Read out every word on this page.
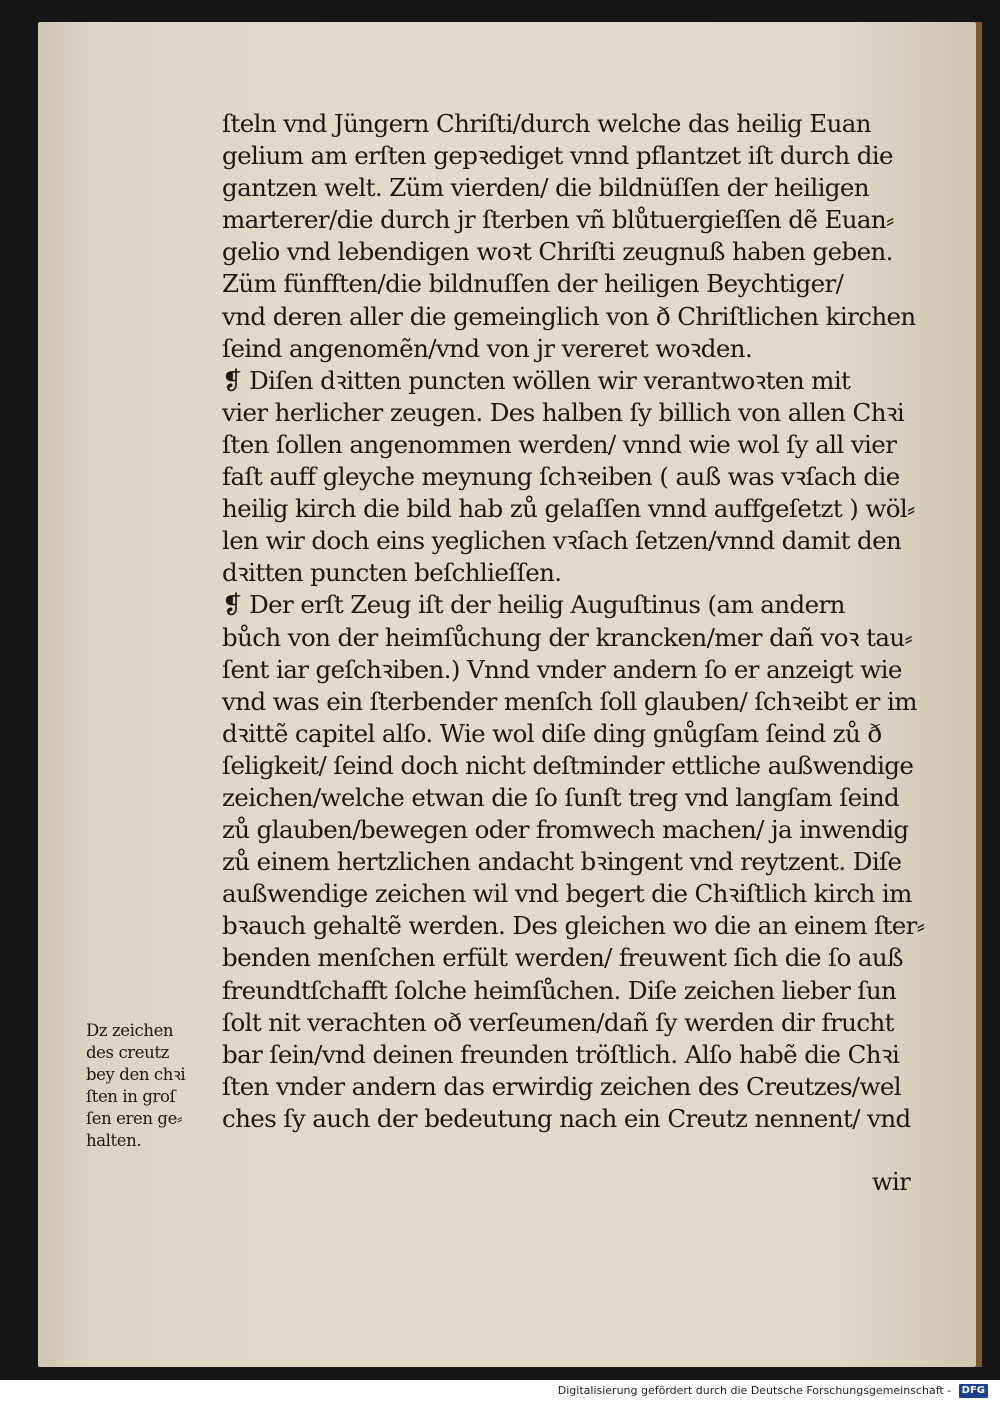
ſteln vnd Jüngern Chriſti/durch welche das heilig Euan
gelium am erſten gepꝛediget vnnd pflantzet iſt durch die
gantzen welt. Züm vierden/ die bildnüſſen der heiligen
marterer/die durch jr ſterben vñ blůtuergieſſen dẽ Euan⸗
gelio vnd lebendigen woꝛt Chriſti zeugnuß haben geben.
Züm fünfften/die bildnuſſen der heiligen Beychtiger/
vnd deren aller die gemeinglich von ð Chriſtlichen kirchen
ſeind angenomẽn/vnd von jr vereret woꝛden.
❡ Diſen dꝛitten puncten wöllen wir verantwoꝛten mit
vier herlicher zeugen. Des halben ſy billich von allen Chꝛi
ſten ſollen angenommen werden/ vnnd wie wol ſy all vier
faſt auff gleyche meynung ſchꝛeiben ( auß was vꝛſach die
heilig kirch die bild hab zů gelaſſen vnnd auffgeſetzt ) wöl⸗
len wir doch eins yeglichen vꝛſach ſetzen/vnnd damit den
dꝛitten puncten beſchlieſſen.
❡ Der erſt Zeug iſt der heilig Auguſtinus (am andern
bůch von der heimſůchung der krancken/mer dañ voꝛ tau⸗
ſent iar geſchꝛiben.) Vnnd vnder andern ſo er anzeigt wie
vnd was ein ſterbender menſch ſoll glauben/ ſchꝛeibt er im
dꝛittẽ capitel alſo. Wie wol diſe ding gnůgſam ſeind zů ð
ſeligkeit/ ſeind doch nicht deſtminder ettliche außwendige
zeichen/welche etwan die ſo ſunſt treg vnd langſam ſeind
zů glauben/bewegen oder fromwech machen/ ja inwendig
zů einem hertzlichen andacht bꝛingent vnd reytzent. Diſe
außwendige zeichen wil vnd begert die Chꝛiſtlich kirch im
bꝛauch gehaltẽ werden. Des gleichen wo die an einem ſter⸗
benden menſchen erfült werden/ freuwent ſich die ſo auß
freundtſchafft ſolche heimſůchen. Diſe zeichen lieber ſun
ſolt nit verachten oð verſeumen/dañ ſy werden dir frucht
bar ſein/vnd deinen freunden tröſtlich. Alſo habẽ die Chꝛi
ſten vnder andern das erwirdig zeichen des Creutzes/wel
ches ſy auch der bedeutung nach ein Creutz nennent/ vnd
wir
Dz zeichen
des creutz
bey den chꝛi
ſten in groſ
ſen eren ge⸗
halten.
Digitalisierung gefördert durch die Deutsche Forschungsgemeinschaft - DFG
